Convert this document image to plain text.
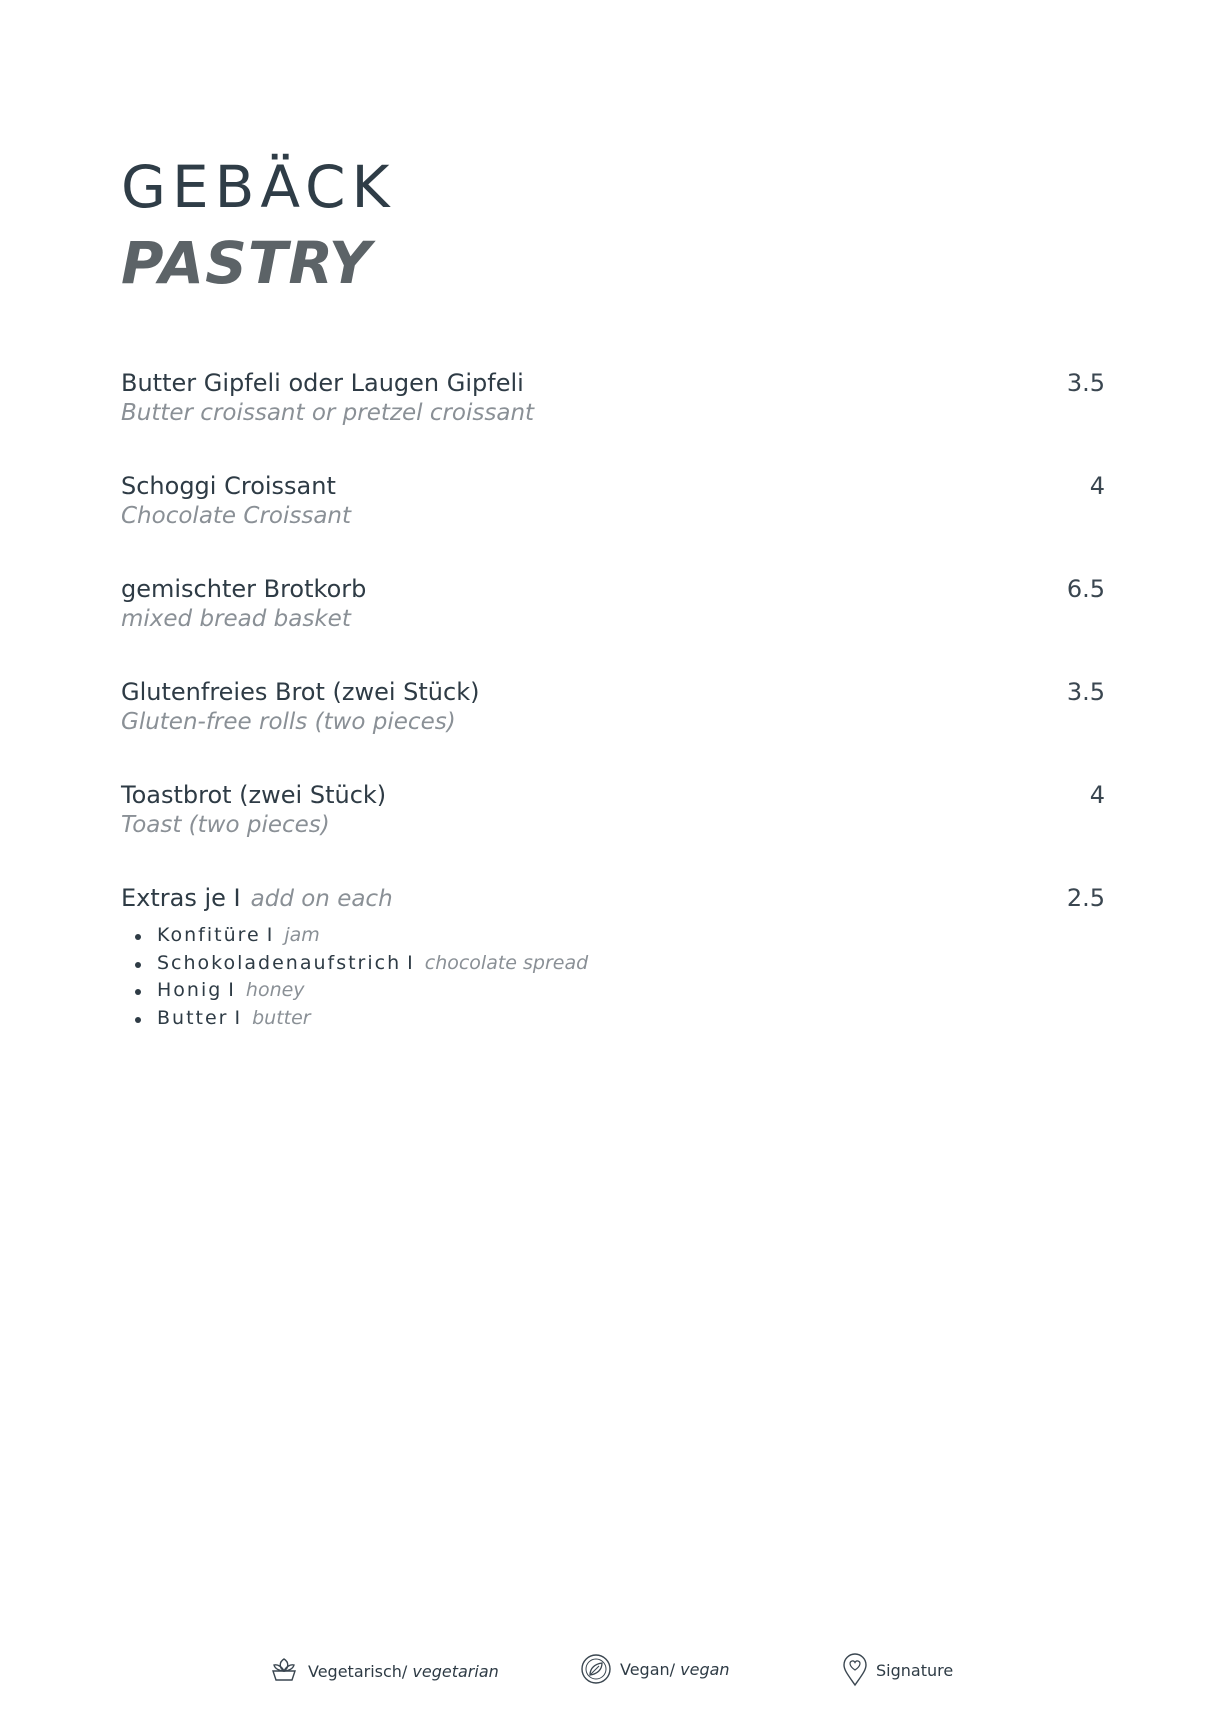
GEBÄCK
PASTRY
Butter Gipfeli oder Laugen Gipfeli
Butter croissant or pretzel croissant
3.5
Schoggi Croissant
Chocolate Croissant
4
gemischter Brotkorb
mixed bread basket
6.5
Glutenfreies Brot (zwei Stück)
Gluten-free rolls (two pieces)
3.5
Toastbrot (zwei Stück)
Toast (two pieces)
4
Extras je I add on each	2.5
Konfitüre I jam
Schokoladenaufstrich I chocolate spread
Honig I honey
Butter I butter
Vegetarisch/
vegetarian	Vegan/
vegan	Signature
